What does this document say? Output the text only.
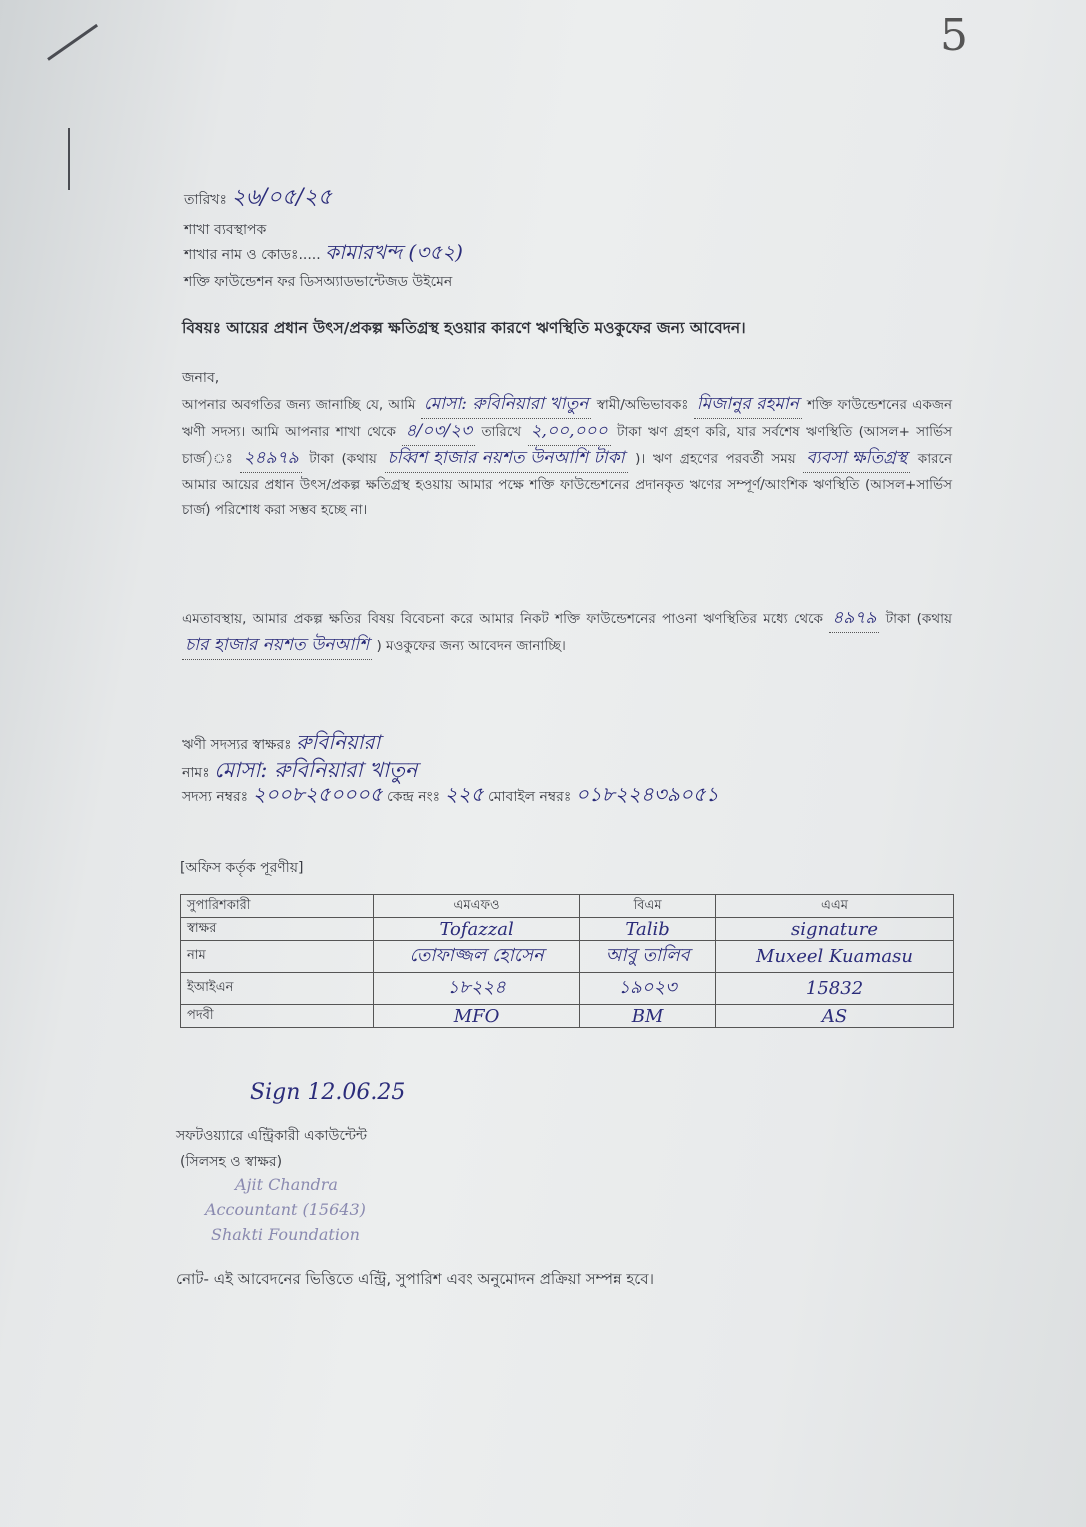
5
তারিখঃ ২৬/০৫/২৫
শাখা ব্যবস্থাপক
শাখার নাম ও কোডঃ..... কামারখন্দ (৩৫২)
শক্তি ফাউন্ডেশন ফর ডিসঅ্যাডভান্টেজড উইমেন
বিষয়ঃ আয়ের প্রধান উৎস/প্রকল্প ক্ষতিগ্রস্থ হওয়ার কারণে ঋণস্থিতি মওকুফের জন্য আবেদন।
জনাব,
আপনার অবগতির জন্য জানাচ্ছি যে, আমি মোসা: রুবিনিয়ারা খাতুন স্বামী/অভিভাবকঃ মিজানুর রহমান শক্তি ফাউন্ডেশনের একজন ঋণী সদস্য। আমি আপনার শাখা থেকে ৪/০৩/২৩ তারিখে ২,০০,০০০ টাকা ঋণ গ্রহণ করি, যার সর্বশেষ ঋণস্থিতি (আসল+ সার্ভিস চার্জ)ঃ ২৪৯৭৯ টাকা (কথায় চব্বিশ হাজার নয়শত উনআশি টাকা )। ঋণ গ্রহণের পরবর্তী সময় ব্যবসা ক্ষতিগ্রস্থ কারনে আমার আয়ের প্রধান উৎস/প্রকল্প ক্ষতিগ্রস্থ হওয়ায় আমার পক্ষে শক্তি ফাউন্ডেশনের প্রদানকৃত ঋণের সম্পূর্ণ/আংশিক ঋণস্থিতি (আসল+সার্ভিস চার্জ) পরিশোধ করা সম্ভব হচ্ছে না।
এমতাবস্থায়, আমার প্রকল্প ক্ষতির বিষয় বিবেচনা করে আমার নিকট শক্তি ফাউন্ডেশনের পাওনা ঋণস্থিতির মধ্যে থেকে ৪৯৭৯ টাকা (কথায় চার হাজার নয়শত উনআশি ) মওকুফের জন্য আবেদন জানাচ্ছি।
ঋণী সদস্যর স্বাক্ষরঃ রুবিনিয়ারা
নামঃ মোসা: রুবিনিয়ারা খাতুন
সদস্য নম্বরঃ ২০০৮২৫০০০৫ কেন্দ্র নংঃ ২২৫ মোবাইল নম্বরঃ ০১৮২২৪৩৯০৫১
[অফিস কর্তৃক পূরণীয়]
সুপারিশকারী	এমএফও	বিএম	এএম
স্বাক্ষর	Tofazzal	Talib	signature
নাম	তোফাজ্জল হোসেন	আবু তালিব	Muxeel Kuamasu
ইআইএন	১৮২২৪	১৯০২৩	15832
পদবী	MFO	BM	AS
Sign 12.06.25
সফটওয়্যারে এন্ট্রিকারী একাউন্টেন্ট
(সিলসহ ও স্বাক্ষর)
Ajit Chandra
Accountant (15643)
Shakti Foundation
নোট- এই আবেদনের ভিত্তিতে এন্ট্রি, সুপারিশ এবং অনুমোদন প্রক্রিয়া সম্পন্ন হবে।
